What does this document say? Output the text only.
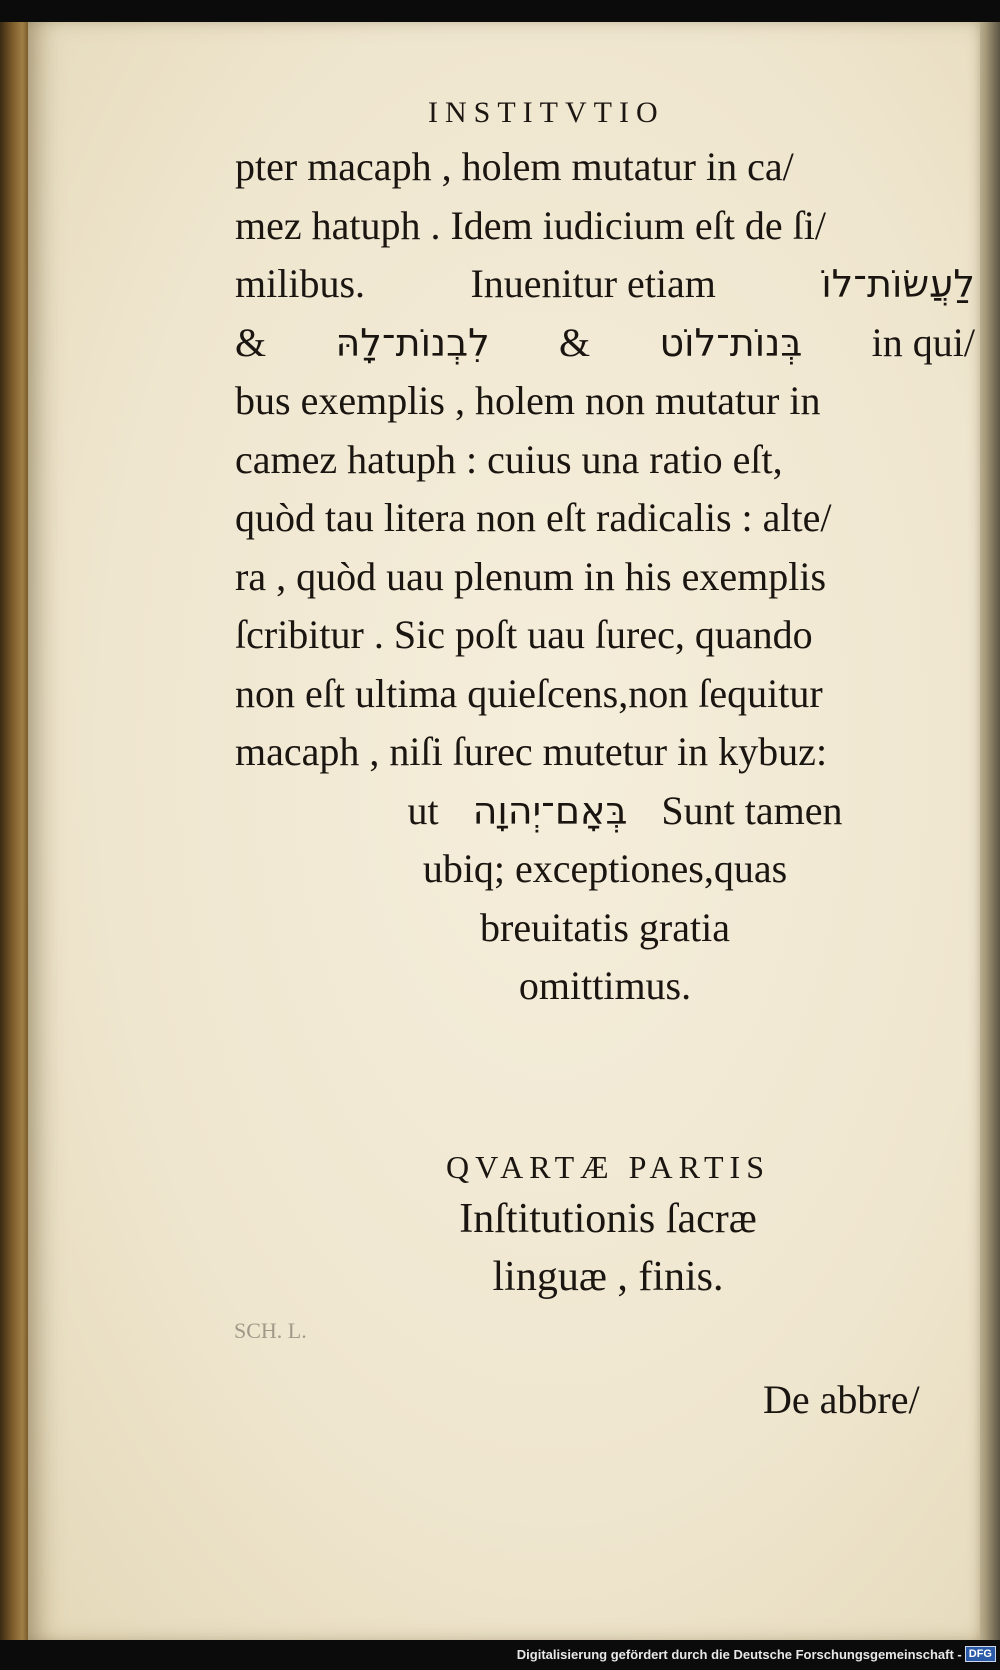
INSTITVTIO
pter macaph , holem mutatur in ca/
mez hatuph . Idem iudicium eſt de ſi/
milibus.	Inuenitur etiam	לַעֲשׂוֹת־לוֹ
& לִבְנוֹת־לָהּ & בְּנוֹת־לוֹט in qui/
bus exemplis , holem non mutatur in
camez hatuph : cuius una ratio eſt,
quòd tau litera non eſt radicalis : alte/
ra , quòd uau plenum in his exemplis
ſcribitur . Sic poſt uau ſurec, quando
non eſt ultima quieſcens,non ſequitur
macaph , niſi ſurec mutetur in kybuz:
ut בְּאָם־יְהוָה Sunt tamen
ubiq; exceptiones,quas
breuitatis gratia
omittimus.
QVARTÆ PARTIS
Inſtitutionis ſacræ
linguæ , finis.
SCH. L.
De abbre/
Digitalisierung gefördert durch die Deutsche Forschungsgemeinschaft - DFG
